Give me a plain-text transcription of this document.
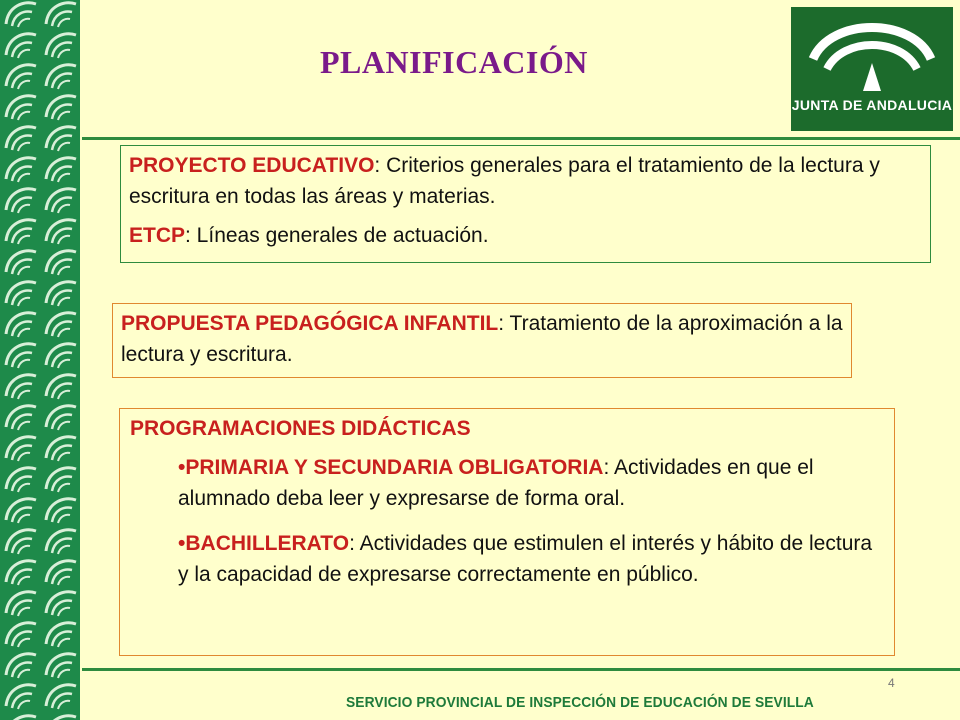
PLANIFICACIÓN
JUNTA DE ANDALUCIA

PROYECTO EDUCATIVO: Criterios generales para el tratamiento de la lectura y escritura en todas las áreas y materias.

ETCP: Líneas generales de actuación.

PROPUESTA PEDAGÓGICA INFANTIL: Tratamiento de la aproximación a la lectura y escritura.

PROGRAMACIONES DIDÁCTICAS

•PRIMARIA Y SECUNDARIA OBLIGATORIA: Actividades en que el alumnado deba leer y expresarse de forma oral.

•BACHILLERATO: Actividades que estimulen el interés y hábito de lectura y la capacidad de expresarse correctamente en público.

4
SERVICIO PROVINCIAL DE INSPECCIÓN DE EDUCACIÓN DE SEVILLA
